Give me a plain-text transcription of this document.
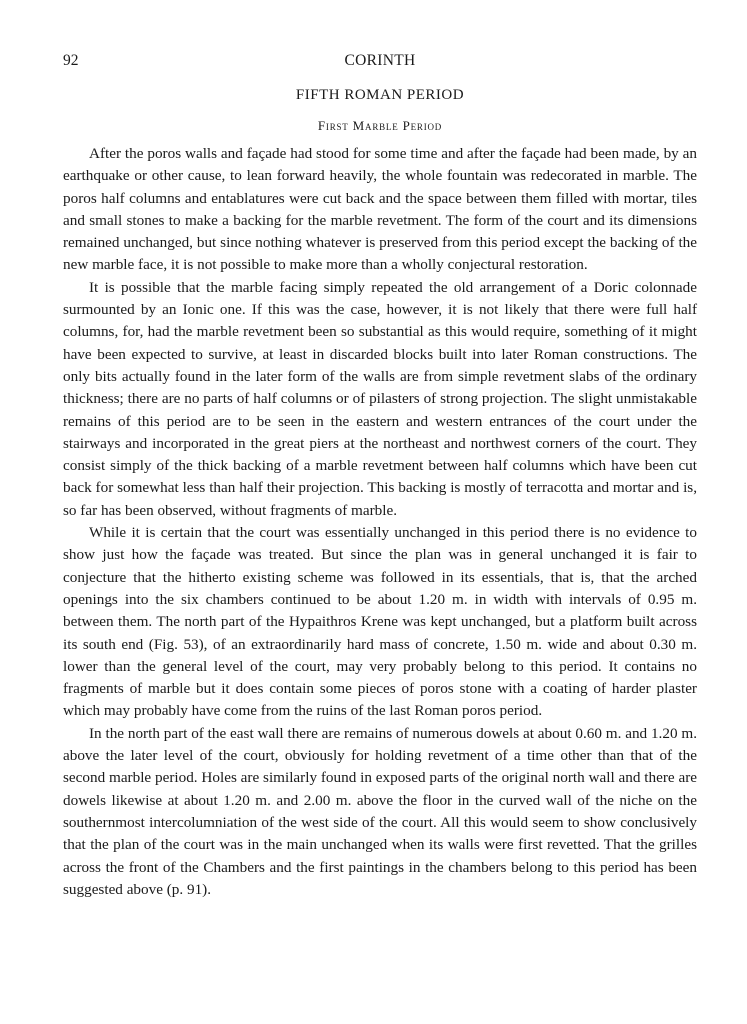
92	CORINTH
FIFTH ROMAN PERIOD
First Marble Period

After the poros walls and façade had stood for some time and after the façade had been made, by an earthquake or other cause, to lean forward heavily, the whole fountain was redecorated in marble. The poros half columns and entablatures were cut back and the space between them filled with mortar, tiles and small stones to make a backing for the marble revetment. The form of the court and its dimensions remained unchanged, but since nothing whatever is preserved from this period except the backing of the new marble face, it is not possible to make more than a wholly conjectural restoration.

It is possible that the marble facing simply repeated the old arrangement of a Doric colonnade surmounted by an Ionic one. If this was the case, however, it is not likely that there were full half columns, for, had the marble revetment been so substantial as this would require, something of it might have been expected to survive, at least in discarded blocks built into later Roman constructions. The only bits actually found in the later form of the walls are from simple revetment slabs of the ordinary thickness; there are no parts of half columns or of pilasters of strong projection. The slight unmistakable remains of this period are to be seen in the eastern and western entrances of the court under the stairways and incorporated in the great piers at the northeast and northwest corners of the court. They consist simply of the thick backing of a marble revetment between half columns which have been cut back for somewhat less than half their projection. This backing is mostly of terracotta and mortar and is, so far has been observed, without fragments of marble.

While it is certain that the court was essentially unchanged in this period there is no evidence to show just how the façade was treated. But since the plan was in general unchanged it is fair to conjecture that the hitherto existing scheme was followed in its essentials, that is, that the arched openings into the six chambers continued to be about 1.20 m. in width with intervals of 0.95 m. between them. The north part of the Hypaithros Krene was kept unchanged, but a platform built across its south end (Fig. 53), of an extraordinarily hard mass of concrete, 1.50 m. wide and about 0.30 m. lower than the general level of the court, may very probably belong to this period. It contains no fragments of marble but it does contain some pieces of poros stone with a coating of harder plaster which may probably have come from the ruins of the last Roman poros period.

In the north part of the east wall there are remains of numerous dowels at about 0.60 m. and 1.20 m. above the later level of the court, obviously for holding revetment of a time other than that of the second marble period. Holes are similarly found in exposed parts of the original north wall and there are dowels likewise at about 1.20 m. and 2.00 m. above the floor in the curved wall of the niche on the southernmost intercolumniation of the west side of the court. All this would seem to show conclusively that the plan of the court was in the main unchanged when its walls were first revetted. That the grilles across the front of the Chambers and the first paintings in the chambers belong to this period has been suggested above (p. 91).
